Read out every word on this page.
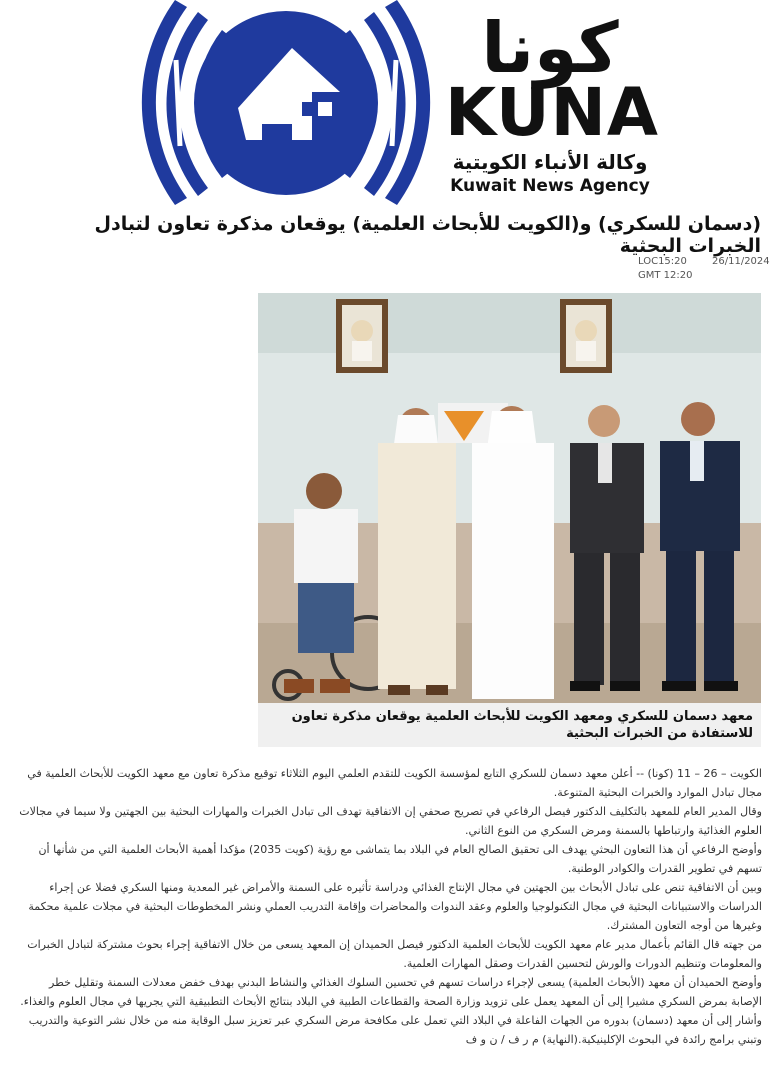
كونا
KUNA
وكالة الأنباء الكويتية
Kuwait News Agency
(دسمان للسكري) و(الكويت للأبحاث العلمية) يوقعان مذكرة تعاون لتبادل الخبرات البحثية
LOC15:20
GMT 12:20
26/11/2024
معهد دسمان للسكري ومعهد الكويت للأبحاث العلمية يوقعان مذكرة تعاون للاستفادة من الخبرات البحثية

الكويت – 26 – 11 (كونا) -- أعلن معهد دسمان للسكري التابع لمؤسسة الكويت للتقدم العلمي اليوم الثلاثاء توقيع مذكرة تعاون مع معهد الكويت للأبحاث العلمية في مجال تبادل الموارد والخبرات البحثية المتنوعة.

وقال المدير العام للمعهد بالتكليف الدكتور فيصل الرفاعي في تصريح صحفي إن الاتفاقية تهدف الى تبادل الخبرات والمهارات البحثية بين الجهتين ولا سيما في مجالات العلوم الغذائية وارتباطها بالسمنة ومرض السكري من النوع الثاني.

وأوضح الرفاعي أن هذا التعاون البحثي يهدف الى تحقيق الصالح العام في البلاد بما يتماشى مع رؤية (كويت 2035) مؤكدا أهمية الأبحاث العلمية التي من شأنها أن تسهم في تطوير القدرات والكوادر الوطنية.

وبين أن الاتفاقية تنص على تبادل الأبحاث بين الجهتين في مجال الإنتاج الغذائي ودراسة تأثيره على السمنة والأمراض غير المعدية ومنها السكري فضلا عن إجراء الدراسات والاستبيانات البحثية في مجال التكنولوجيا والعلوم وعقد الندوات والمحاضرات وإقامة التدريب العملي ونشر المخطوطات البحثية في مجلات علمية محكمة وغيرها من أوجه التعاون المشترك.

من جهته قال القائم بأعمال مدير عام معهد الكويت للأبحاث العلمية الدكتور فيصل الحميدان إن المعهد يسعى من خلال الاتفاقية إجراء بحوث مشتركة لتبادل الخبرات والمعلومات وتنظيم الدورات والورش لتحسين القدرات وصقل المهارات العلمية.

وأوضح الحميدان أن معهد (الأبحاث العلمية) يسعى لإجراء دراسات تسهم في تحسين السلوك الغذائي والنشاط البدني بهدف خفض معدلات السمنة وتقليل خطر الإصابة بمرض السكري مشيرا إلى أن المعهد يعمل على تزويد وزارة الصحة والقطاعات الطبية في البلاد بنتائج الأبحاث التطبيقية التي يجريها في مجال العلوم والغذاء.

وأشار إلى أن معهد (دسمان) بدوره من الجهات الفاعلة في البلاد التي تعمل على مكافحة مرض السكري عبر تعزيز سبل الوقاية منه من خلال نشر التوعية والتدريب وتبني برامج رائدة في البحوث الإكلينيكية.(النهاية) م ر ف / ن و ف
